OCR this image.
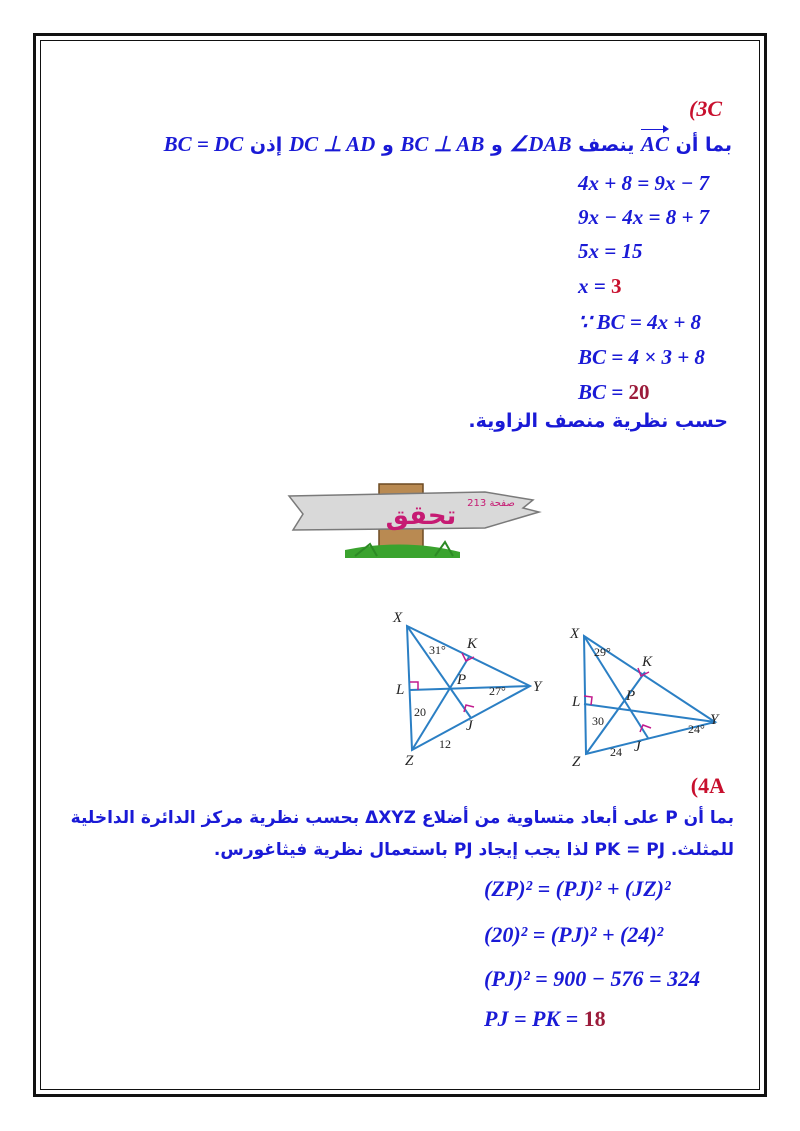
(3C
بما أن AC ينصف ∠DAB و BC ⊥ AB و DC ⊥ AD إذن BC = DC
4x + 8 = 9x − 7
9x − 4x = 8 + 7
5x = 15
x = 3
∵ BC = 4x + 8
BC = 4 × 3 + 8
BC = 20
حسب نظرية منصف الزاوية.
تحقق صفحة 213
X
K
P	Y
L
J
Z
31°
27°
20
12
X
K
P
Y
L
J
Z
29°
24°
30
24
(4A
بما أن P على أبعاد متساوية من أضلاع ΔXYZ بحسب نظرية مركز الدائرة الداخلية
للمثلث. PK = PJ لذا يجب إيجاد PJ باستعمال نظرية فيثاغورس.
(ZP)² = (PJ)² + (JZ)²
(20)² = (PJ)² + (24)²
(PJ)² = 900 − 576 = 324
PJ = PK = 18
